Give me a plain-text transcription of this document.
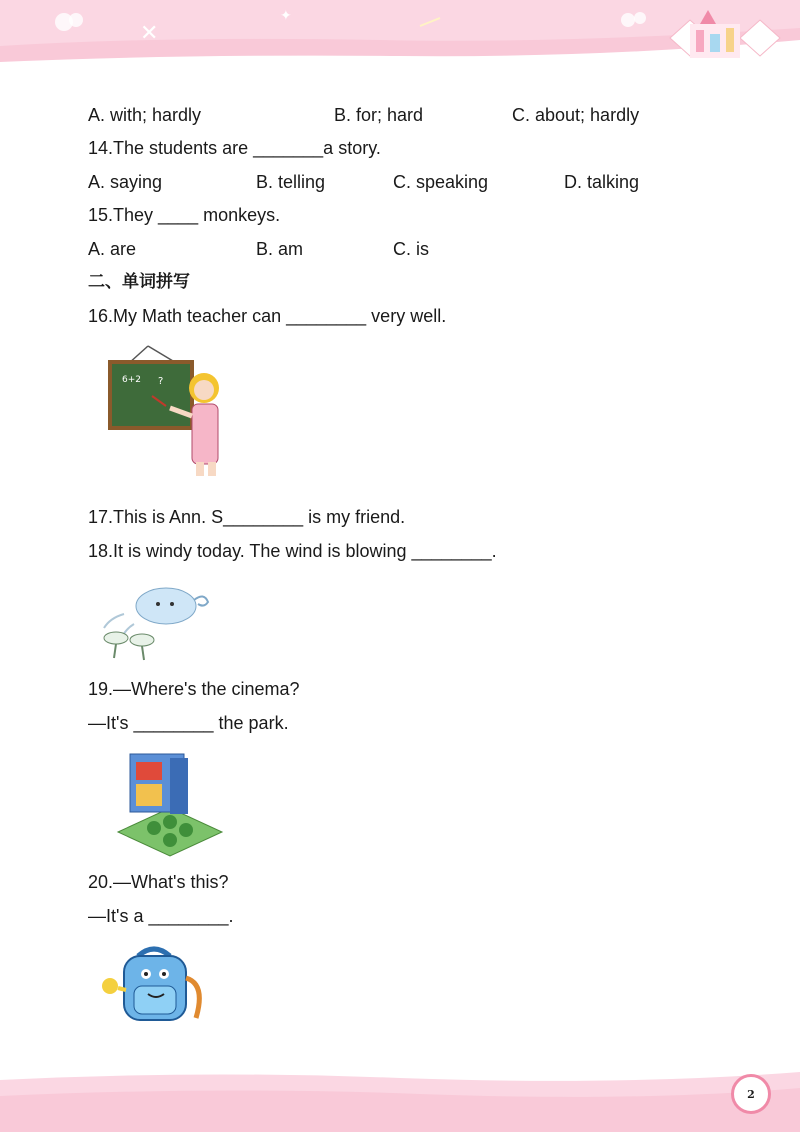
✕
✦
A. with; hardly	B. for; hard	C. about; hardly
14.The students are _______a story.
A. saying	B. telling	C. speaking	D. talking
15.They ____ monkeys.
A. are	B. am	C. is
二、单词拼写
16.My Math teacher can ________ very well.
6+2 ?
17.This is Ann. S________ is my friend.
18.It is windy today. The wind is blowing ________.
19.—Where's the cinema?
—It's ________ the park.
20.—What's this?
—It's a ________.
2
